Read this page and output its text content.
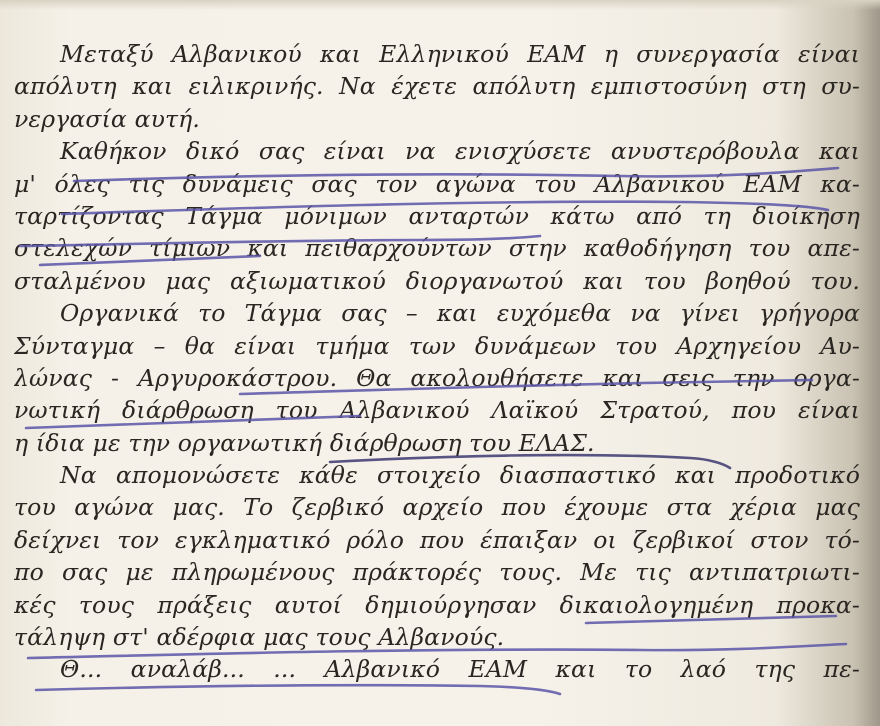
Μεταξύ Αλβανικού και Ελληνικού ΕΑΜ η συνεργασία είναι
απόλυτη και ειλικρινής. Να έχετε απόλυτη εμπιστοσύνη στη συ-
νεργασία αυτή.
Καθήκον δικό σας είναι να ενισχύσετε ανυστερόβουλα και
μ' όλες τις δυνάμεις σας τον αγώνα του Αλβανικού ΕΑΜ κα-
ταρτίζοντας Τάγμα μόνιμων ανταρτών κάτω από τη διοίκηση
στελεχών τίμιων και πειθαρχούντων στην καθοδήγηση του απε-
σταλμένου μας αξιωματικού διοργανωτού και του βοηθού του.
Οργανικά το Τάγμα σας – και ευχόμεθα να γίνει γρήγορα
Σύνταγμα – θα είναι τμήμα των δυνάμεων του Αρχηγείου Αυ-
λώνας - Αργυροκάστρου. Θα ακολουθήσετε και σεις την οργα-
νωτική διάρθρωση του Αλβανικού Λαϊκού Στρατού, που είναι
η ίδια με την οργανωτική διάρθρωση του ΕΛΑΣ.
Να απομονώσετε κάθε στοιχείο διασπαστικό και προδοτικό
του αγώνα μας. Το ζερβικό αρχείο που έχουμε στα χέρια μας
δείχνει τον εγκληματικό ρόλο που έπαιξαν οι ζερβικοί στον τό-
πο σας με πληρωμένους πράκτορές τους. Με τις αντιπατριωτι-
κές τους πράξεις αυτοί δημιούργησαν δικαιολογημένη προκα-
τάληψη στ' αδέρφια μας τους Αλβανούς.
Θ... αναλάβ... ... Αλβανικό ΕΑΜ και το λαό της πε-
